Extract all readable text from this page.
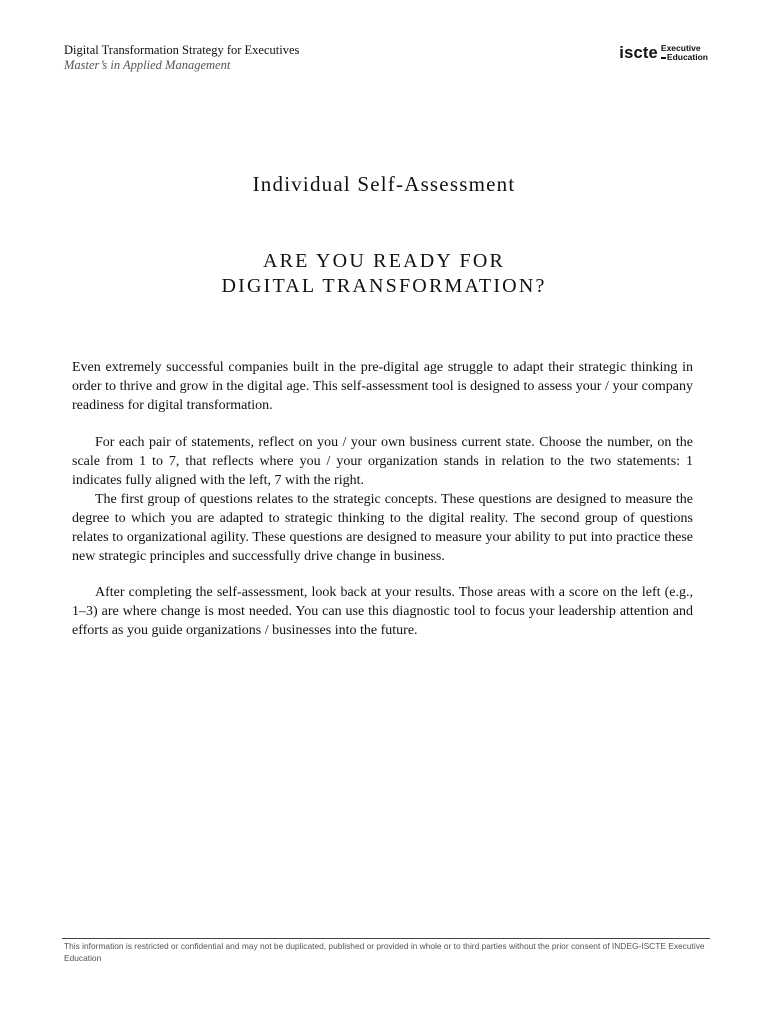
Digital Transformation Strategy for Executives
Master’s in Applied Management
iscte Executive
Education
Individual Self-Assessment
ARE YOU READY FOR
DIGITAL TRANSFORMATION?

Even extremely successful companies built in the pre-digital age struggle to adapt their strategic thinking in order to thrive and grow in the digital age. This self-assessment tool is designed to assess your / your company readiness for digital transformation.

For each pair of statements, reflect on you / your own business current state. Choose the number, on the scale from 1 to 7, that reflects where you / your organization stands in relation to the two statements: 1 indicates fully aligned with the left, 7 with the right.

The first group of questions relates to the strategic concepts. These questions are designed to measure the degree to which you are adapted to strategic thinking to the digital reality. The second group of questions relates to organizational agility. These questions are designed to measure your ability to put into practice these new strategic principles and successfully drive change in business.

After completing the self-assessment, look back at your results. Those areas with a score on the left (e.g., 1–3) are where change is most needed. You can use this diagnostic tool to focus your leadership attention and efforts as you guide organizations / businesses into the future.

This information is restricted or confidential and may not be duplicated, published or provided in whole or to third parties without the prior consent of INDEG-ISCTE Executive Education
